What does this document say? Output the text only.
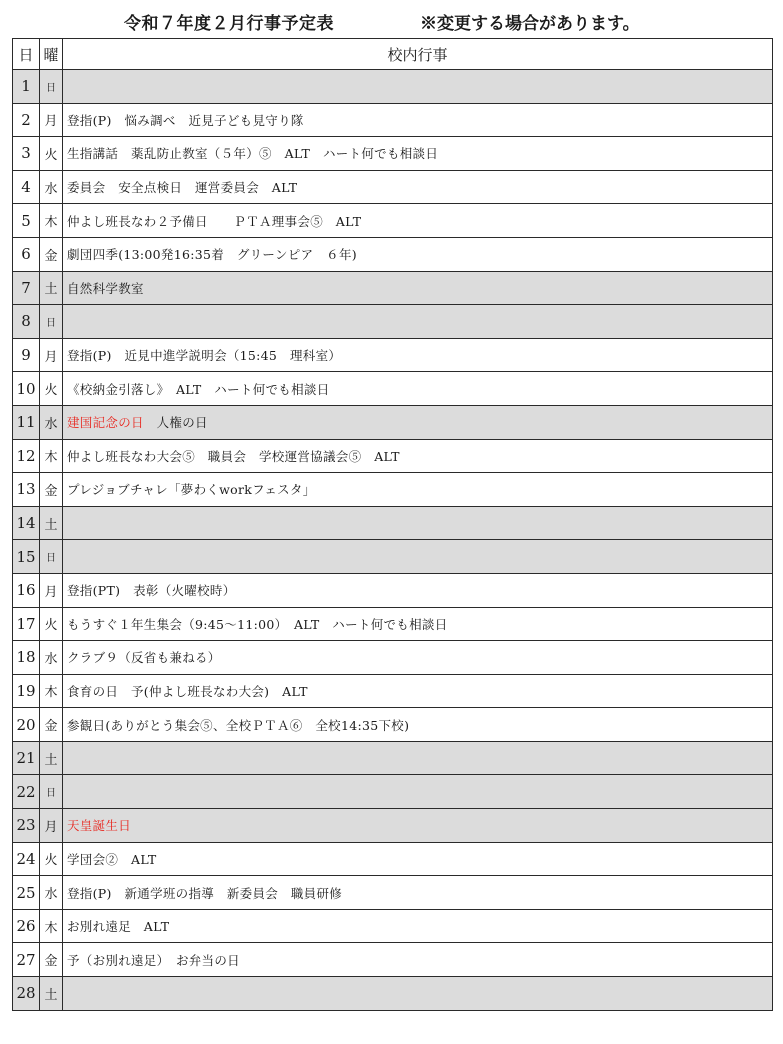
令和７年度２月行事予定表	※変更する場合があります。
日	曜	校内行事
1	日	
2	月	登指(P)　悩み調べ　近見子ども見守り隊
3	火	生指講話　薬乱防止教室（５年）⑤　ALT　ハート何でも相談日
4	水	委員会　安全点検日　運営委員会　ALT
5	木	仲よし班長なわ２予備日　　ＰＴＡ理事会⑤　ALT
6	金	劇団四季(13:00発16:35着　グリーンピア　６年)
7	土	自然科学教室
8	日	
9	月	登指(P)　近見中進学説明会（15:45　理科室）
10	火	《校納金引落し》　ALT　ハート何でも相談日
11	水	建国記念の日　人権の日
12	木	仲よし班長なわ大会⑤　職員会　学校運営協議会⑤　ALT
13	金	プレジョブチャレ「夢わくworkフェスタ」
14	土	
15	日	
16	月	登指(PT)　表彰（火曜校時）
17	火	もうすぐ１年生集会（9:45～11:00）　ALT　ハート何でも相談日
18	水	クラブ９（反省も兼ねる）
19	木	食育の日　予(仲よし班長なわ大会)　ALT
20	金	参観日(ありがとう集会⑤、全校ＰＴＡ⑥　全校14:35下校)
21	土	
22	日	
23	月	天皇誕生日
24	火	学団会②　ALT
25	水	登指(P)　新通学班の指導　新委員会　職員研修
26	木	お別れ遠足　ALT
27	金	予（お別れ遠足）　お弁当の日
28	土	
